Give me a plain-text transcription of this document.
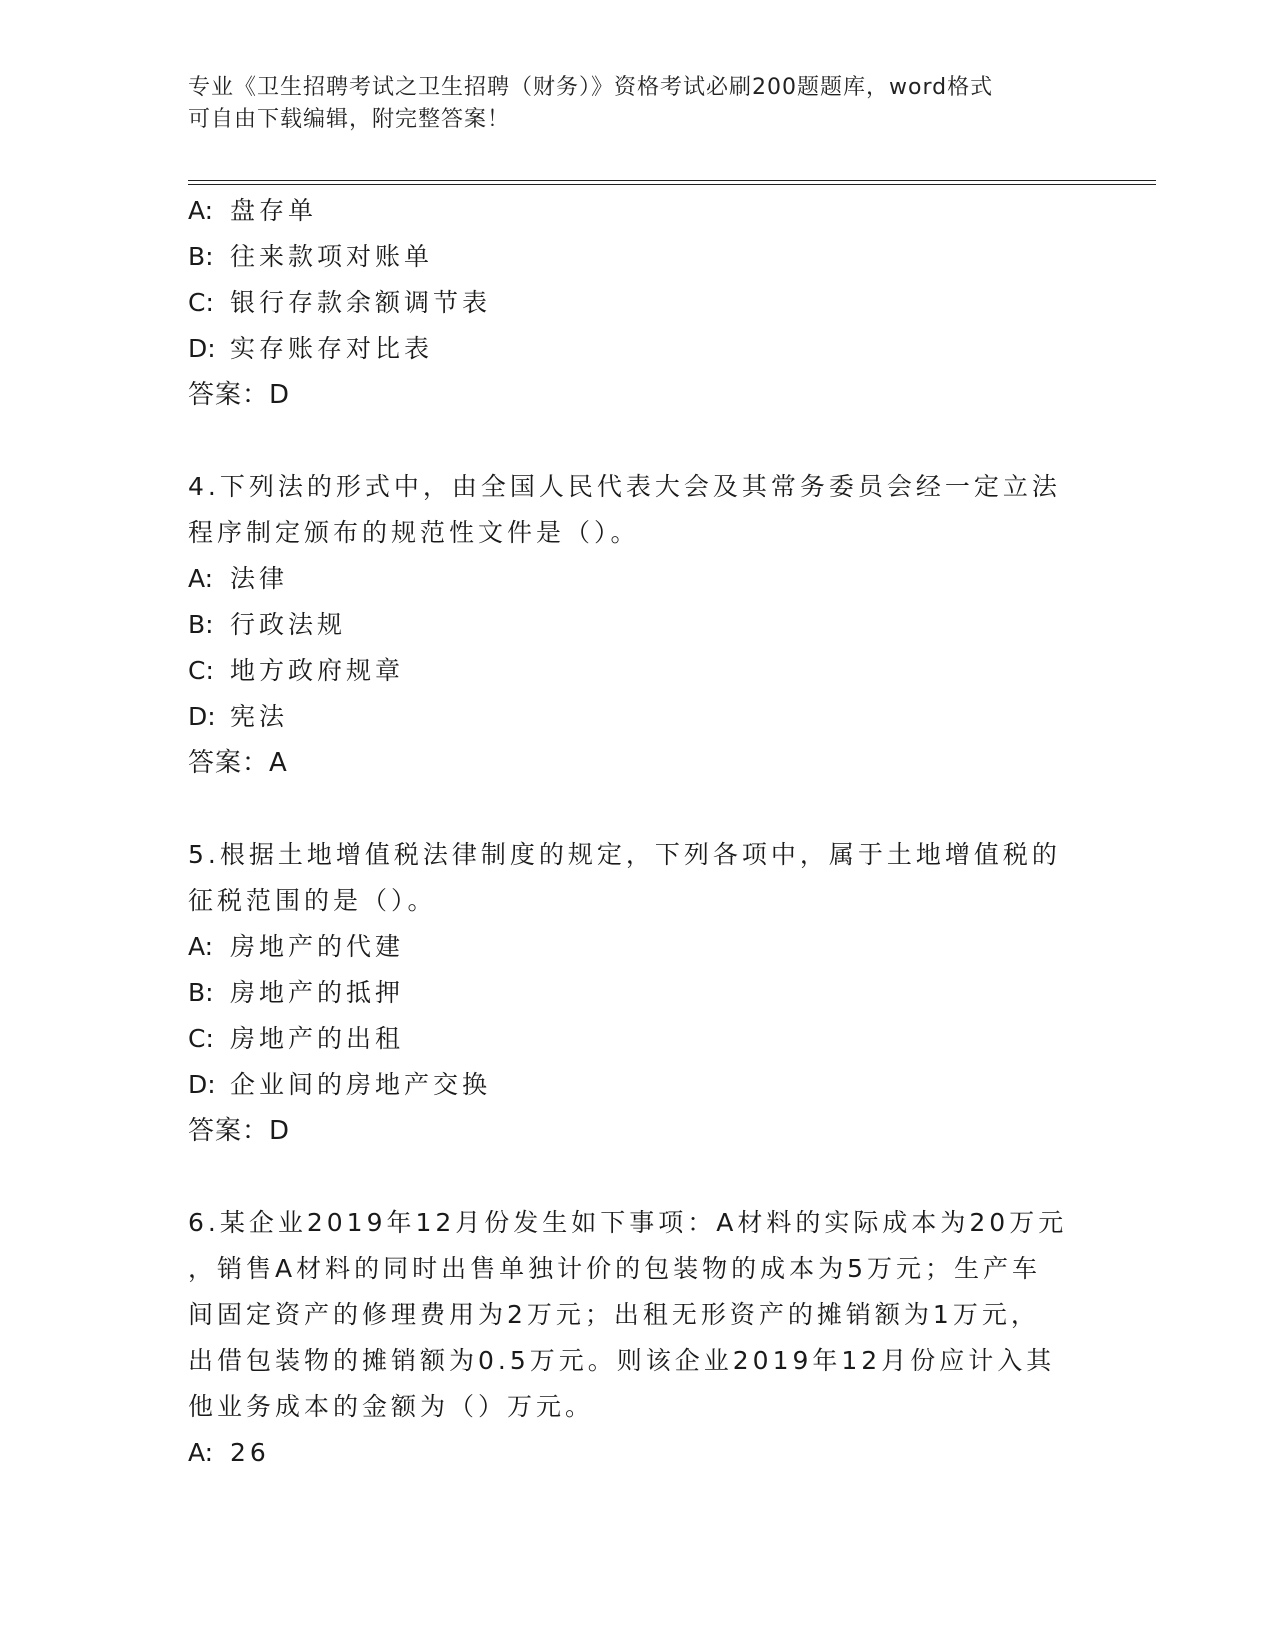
专业《卫生招聘考试之卫生招聘（财务）》资格考试必刷200题题库，word格式
可自由下载编辑，附完整答案！
A: 盘存单
B: 往来款项对账单
C: 银行存款余额调节表
D: 实存账存对比表
答案：D
4.下列法的形式中，由全国人民代表大会及其常务委员会经一定立法
程序制定颁布的规范性文件是（）。
A: 法律
B: 行政法规
C: 地方政府规章
D: 宪法
答案：A
5.根据土地增值税法律制度的规定，下列各项中，属于土地增值税的
征税范围的是（）。
A: 房地产的代建
B: 房地产的抵押
C: 房地产的出租
D: 企业间的房地产交换
答案：D
6.某企业2019年12月份发生如下事项：A材料的实际成本为20万元
，销售A材料的同时出售单独计价的包装物的成本为5万元；生产车
间固定资产的修理费用为2万元；出租无形资产的摊销额为1万元，
出借包装物的摊销额为0.5万元。则该企业2019年12月份应计入其
他业务成本的金额为（）万元。
A: 26
